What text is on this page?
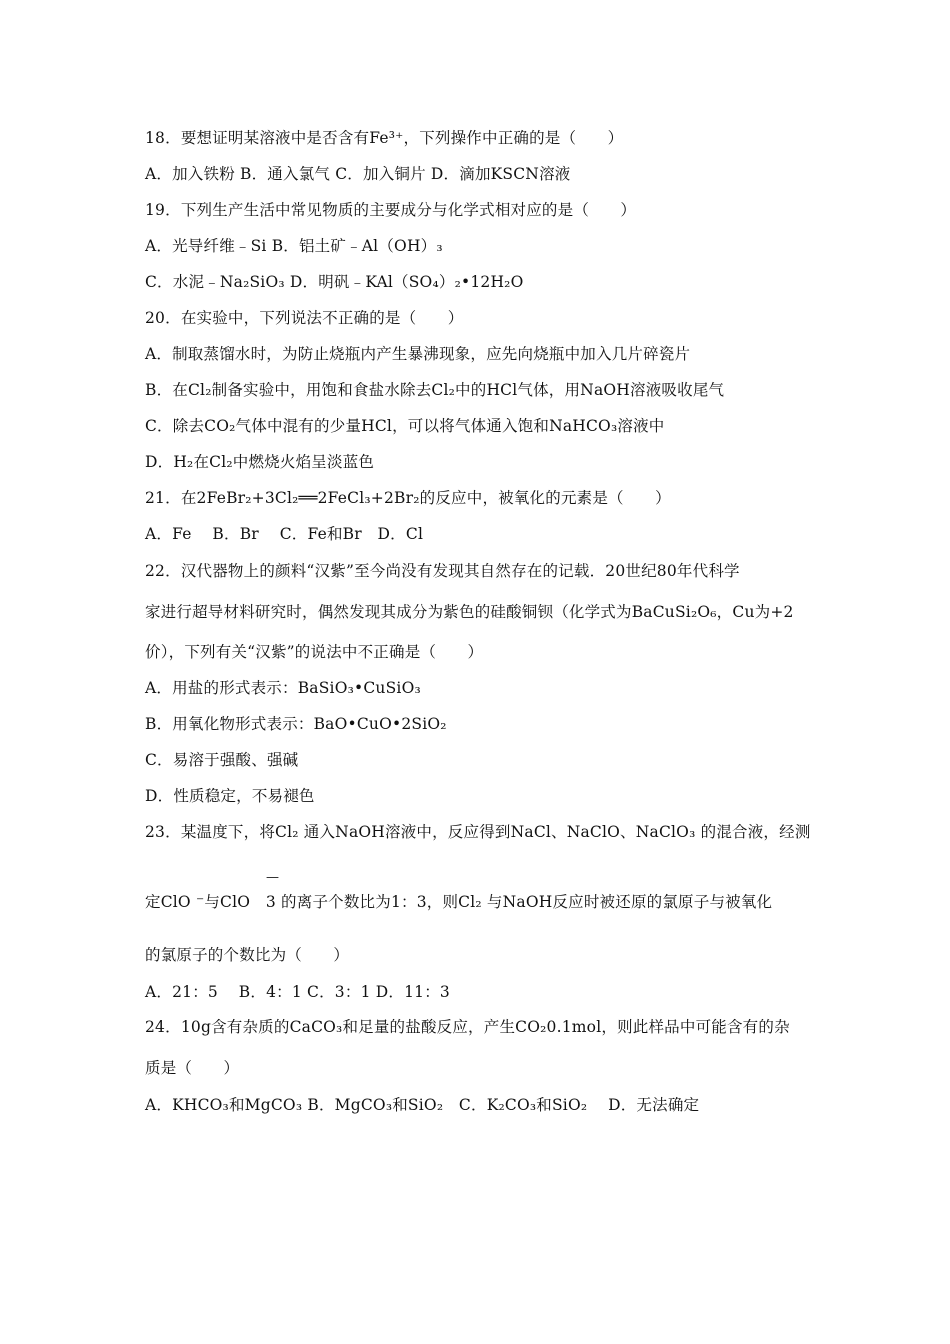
18．要想证明某溶液中是否含有Fe³⁺，下列操作中正确的是（　　）
A．加入铁粉 B．通入氯气 C．加入铜片 D．滴加KSCN溶液
19．下列生产生活中常见物质的主要成分与化学式相对应的是（　　）
A．光导纤维﹣Si B．铝土矿﹣Al（OH）₃
C．水泥﹣Na₂SiO₃ D．明矾﹣KAl（SO₄）₂•12H₂O
20．在实验中，下列说法不正确的是（　　）
A．制取蒸馏水时，为防止烧瓶内产生暴沸现象，应先向烧瓶中加入几片碎瓷片
B．在Cl₂制备实验中，用饱和食盐水除去Cl₂中的HCl气体，用NaOH溶液吸收尾气
C．除去CO₂气体中混有的少量HCl，可以将气体通入饱和NaHCO₃溶液中
D．H₂在Cl₂中燃烧火焰呈淡蓝色
21．在2FeBr₂+3Cl₂══2FeCl₃+2Br₂的反应中，被氧化的元素是（　　）
A．Fe　 B．Br　 C．Fe和Br　D．Cl
22．汉代器物上的颜料“汉紫”至今尚没有发现其自然存在的记载．20世纪80年代科学
家进行超导材料研究时，偶然发现其成分为紫色的硅酸铜钡（化学式为BaCuSi₂O₆，Cu为+2
价），下列有关“汉紫”的说法中不正确是（　　）
A．用盐的形式表示：BaSiO₃•CuSiO₃
B．用氧化物形式表示：BaO•CuO•2SiO₂
C．易溶于强酸、强碱
D．性质稳定，不易褪色
23．某温度下，将Cl₂ 通入NaOH溶液中，反应得到NaCl、NaClO、NaClO₃ 的混合液，经测
—
定ClO ⁻与ClO　3 的离子个数比为1：3，则Cl₂ 与NaOH反应时被还原的氯原子与被氧化
的氯原子的个数比为（　　）
A．21：5　 B．4：1 C．3：1 D．11：3
24．10g含有杂质的CaCO₃和足量的盐酸反应，产生CO₂0.1mol，则此样品中可能含有的杂
质是（　　）
A．KHCO₃和MgCO₃ B．MgCO₃和SiO₂　C．K₂CO₃和SiO₂　 D．无法确定
